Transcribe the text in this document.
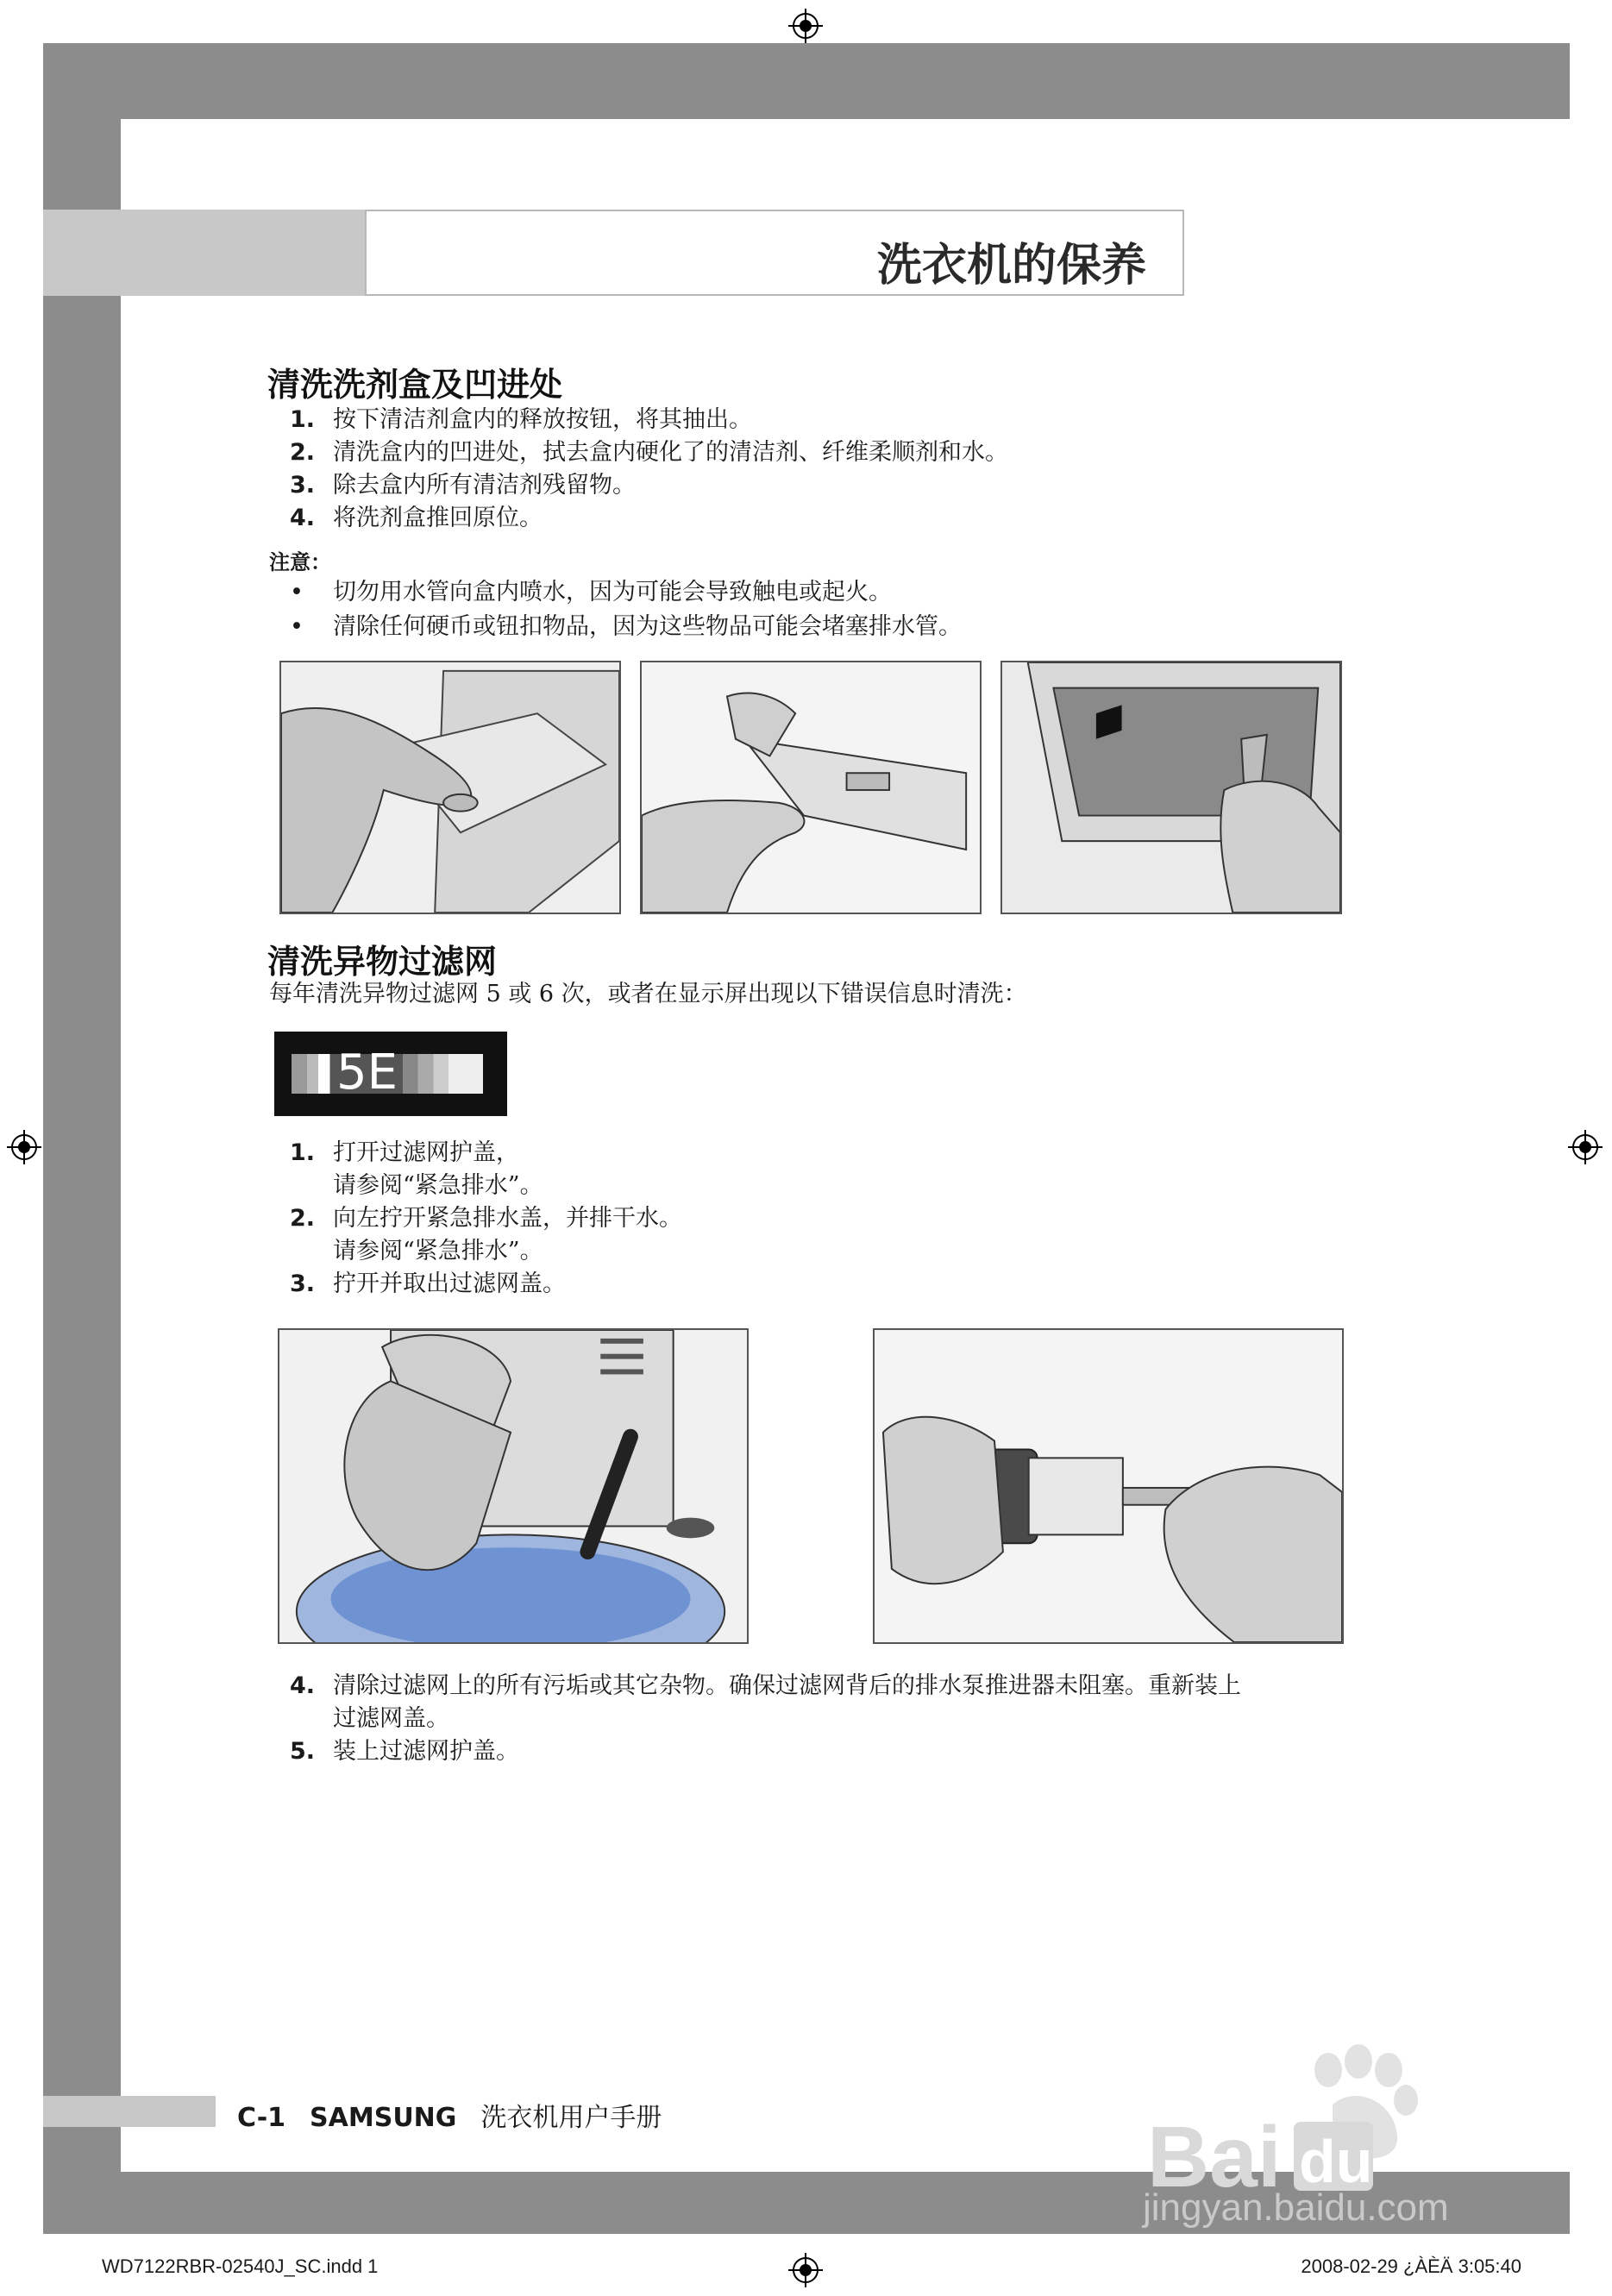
洗衣机的保养
清洗洗剂盒及凹进处
1. 按下清洁剂盒内的释放按钮，将其抽出。
2. 清洗盒内的凹进处，拭去盒内硬化了的清洁剂、纤维柔顺剂和水。
3. 除去盒内所有清洁剂残留物。
4. 将洗剂盒推回原位。
注意：
• 切勿用水管向盒内喷水，因为可能会导致触电或起火。
• 清除任何硬币或钮扣物品，因为这些物品可能会堵塞排水管。
清洗异物过滤网
每年清洗异物过滤网 5 或 6 次，或者在显示屏出现以下错误信息时清洗：
5E
1. 打开过滤网护盖，
请参阅“紧急排水”。
2. 向左拧开紧急排水盖，并排干水。
请参阅“紧急排水”。
3. 拧开并取出过滤网盖。
4. 清除过滤网上的所有污垢或其它杂物。确保过滤网背后的排水泵推进器未阻塞。重新装上
过滤网盖。
5. 装上过滤网护盖。
C-1 SAMSUNG 洗衣机用户手册
WD7122RBR-02540J_SC.indd 1	2008-02-29 ¿ÀÈÄ 3:05:40
Bai du
jingyan.baidu.com
